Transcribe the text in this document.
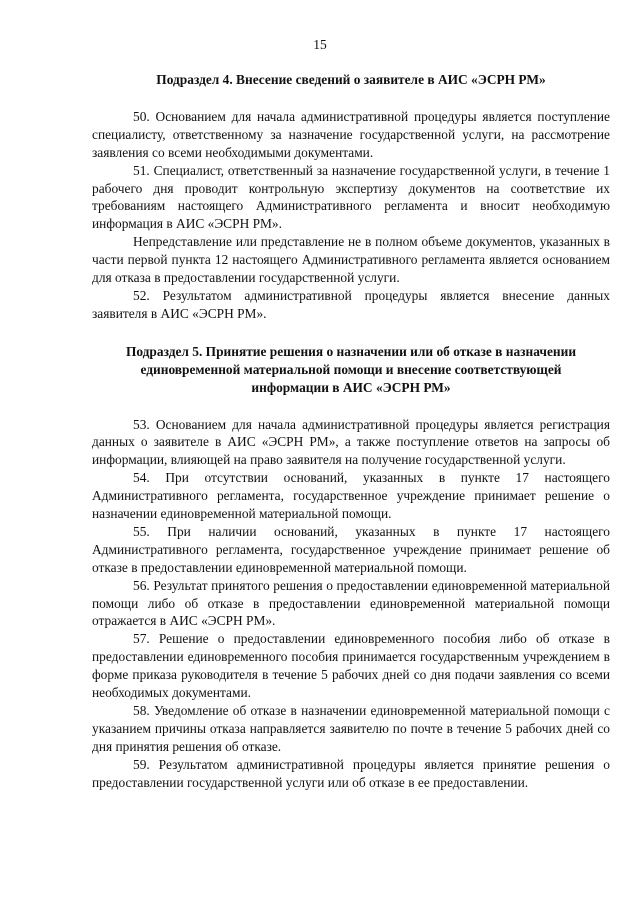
15

Подраздел 4. Внесение сведений о заявителе в АИС «ЭСРН РМ»

50. Основанием для начала административной процедуры является поступление специалисту, ответственному за назначение государственной услуги, на рассмотрение заявления со всеми необходимыми документами.

51. Специалист, ответственный за назначение государственной услуги, в течение 1 рабочего дня проводит контрольную экспертизу документов на соответствие их требованиям настоящего Административного регламента и вносит необходимую информация в АИС «ЭСРН РМ».

Непредставление или представление не в полном объеме документов, указанных в части первой пункта 12 настоящего Административного регламента является основанием для отказа в предоставлении государственной услуги.

52. Результатом административной процедуры является внесение данных заявителя в АИС «ЭСРН РМ».

Подраздел 5. Принятие решения о назначении или об отказе в назначении единовременной материальной помощи и внесение соответствующей информации в АИС «ЭСРН РМ»

53. Основанием для начала административной процедуры является регистрация данных о заявителе в АИС «ЭСРН РМ», а также поступление ответов на запросы об информации, влияющей на право заявителя на получение государственной услуги.

54. При отсутствии оснований, указанных в пункте 17 настоящего Административного регламента, государственное учреждение принимает решение о назначении единовременной материальной помощи.

55. При наличии оснований, указанных в пункте 17 настоящего Административного регламента, государственное учреждение принимает решение об отказе в предоставлении единовременной материальной помощи.

56. Результат принятого решения о предоставлении единовременной материальной помощи либо об отказе в предоставлении единовременной материальной помощи отражается в АИС «ЭСРН РМ».

57. Решение о предоставлении единовременного пособия либо об отказе в предоставлении единовременного пособия принимается государственным учреждением в форме приказа руководителя в течение 5 рабочих дней со дня подачи заявления со всеми необходимых документами.

58. Уведомление об отказе в назначении единовременной материальной помощи с указанием причины отказа направляется заявителю по почте в течение 5 рабочих дней со дня принятия решения об отказе.

59. Результатом административной процедуры является принятие решения о предоставлении государственной услуги или об отказе в ее предоставлении.
